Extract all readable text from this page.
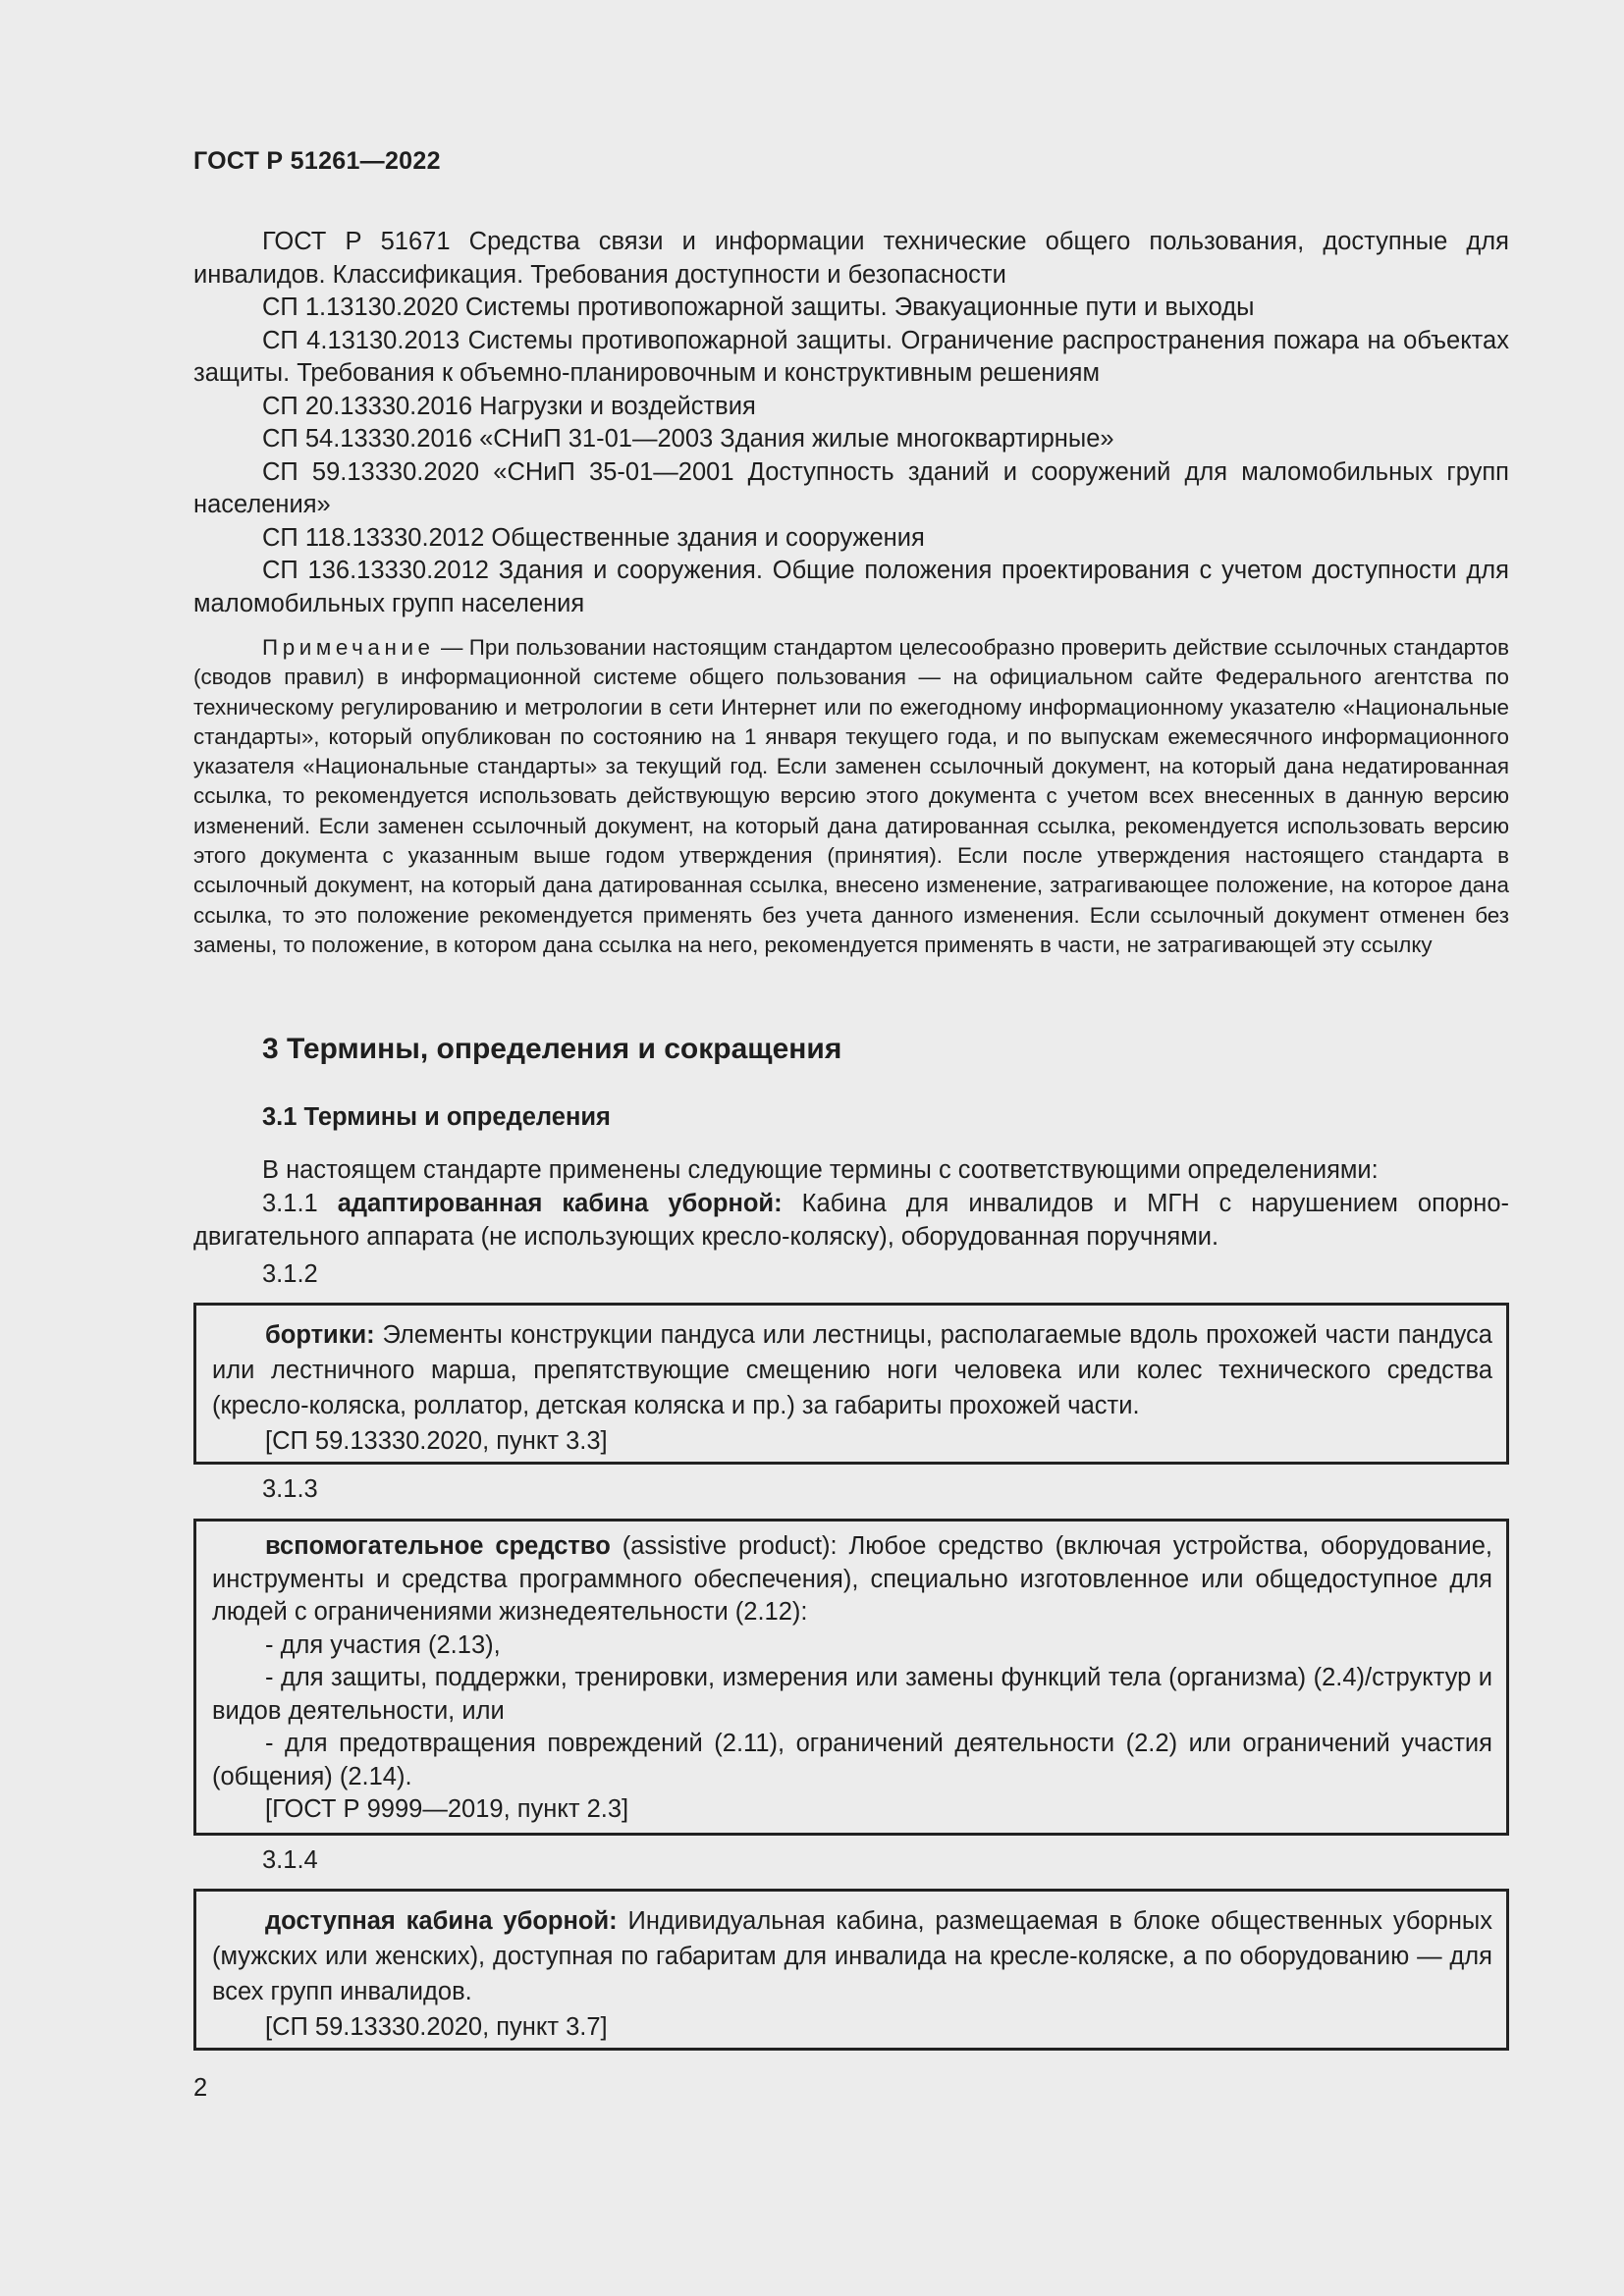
ГОСТ Р 51261—2022

ГОСТ Р 51671 Средства связи и информации технические общего пользования, доступные для инвалидов. Классификация. Требования доступности и безопасности

СП 1.13130.2020 Системы противопожарной защиты. Эвакуационные пути и выходы

СП 4.13130.2013 Системы противопожарной защиты. Ограничение распространения пожара на объектах защиты. Требования к объемно-планировочным и конструктивным решениям

СП 20.13330.2016 Нагрузки и воздействия

СП 54.13330.2016 «СНиП 31-01—2003 Здания жилые многоквартирные»

СП 59.13330.2020 «СНиП 35-01—2001 Доступность зданий и сооружений для маломобильных групп населения»

СП 118.13330.2012 Общественные здания и сооружения

СП 136.13330.2012 Здания и сооружения. Общие положения проектирования с учетом доступности для маломобильных групп населения

Примечание — При пользовании настоящим стандартом целесообразно проверить действие ссылочных стандартов (сводов правил) в информационной системе общего пользования — на официальном сайте Федерального агентства по техническому регулированию и метрологии в сети Интернет или по ежегодному информационному указателю «Национальные стандарты», который опубликован по состоянию на 1 января текущего года, и по выпускам ежемесячного информационного указателя «Национальные стандарты» за текущий год. Если заменен ссылочный документ, на который дана недатированная ссылка, то рекомендуется использовать действующую версию этого документа с учетом всех внесенных в данную версию изменений. Если заменен ссылочный документ, на который дана датированная ссылка, рекомендуется использовать версию этого документа с указанным выше годом утверждения (принятия). Если после утверждения настоящего стандарта в ссылочный документ, на который дана датированная ссылка, внесено изменение, затрагивающее положение, на которое дана ссылка, то это положение рекомендуется применять без учета данного изменения. Если ссылочный документ отменен без замены, то положение, в котором дана ссылка на него, рекомендуется применять в части, не затрагивающей эту ссылку

3 Термины, определения и сокращения
3.1 Термины и определения

В настоящем стандарте применены следующие термины с соответствующими определениями:

3.1.1 адаптированная кабина уборной: Кабина для инвалидов и МГН с нарушением опорно-двигательного аппарата (не использующих кресло-коляску), оборудованная поручнями.

3.1.2

бортики: Элементы конструкции пандуса или лестницы, располагаемые вдоль прохожей части пандуса или лестничного марша, препятствующие смещению ноги человека или колес технического средства (кресло-коляска, роллатор, детская коляска и пр.) за габариты прохожей части.

[СП 59.13330.2020, пункт 3.3]

3.1.3

вспомогательное средство (assistive product): Любое средство (включая устройства, оборудование, инструменты и средства программного обеспечения), специально изготовленное или общедоступное для людей с ограничениями жизнедеятельности (2.12):

- для участия (2.13),

- для защиты, поддержки, тренировки, измерения или замены функций тела (организма) (2.4)/структур и видов деятельности, или

- для предотвращения повреждений (2.11), ограничений деятельности (2.2) или ограничений участия (общения) (2.14).

[ГОСТ Р 9999—2019, пункт 2.3]

3.1.4

доступная кабина уборной: Индивидуальная кабина, размещаемая в блоке общественных уборных (мужских или женских), доступная по габаритам для инвалида на кресле-коляске, а по оборудованию — для всех групп инвалидов.

[СП 59.13330.2020, пункт 3.7]

2
